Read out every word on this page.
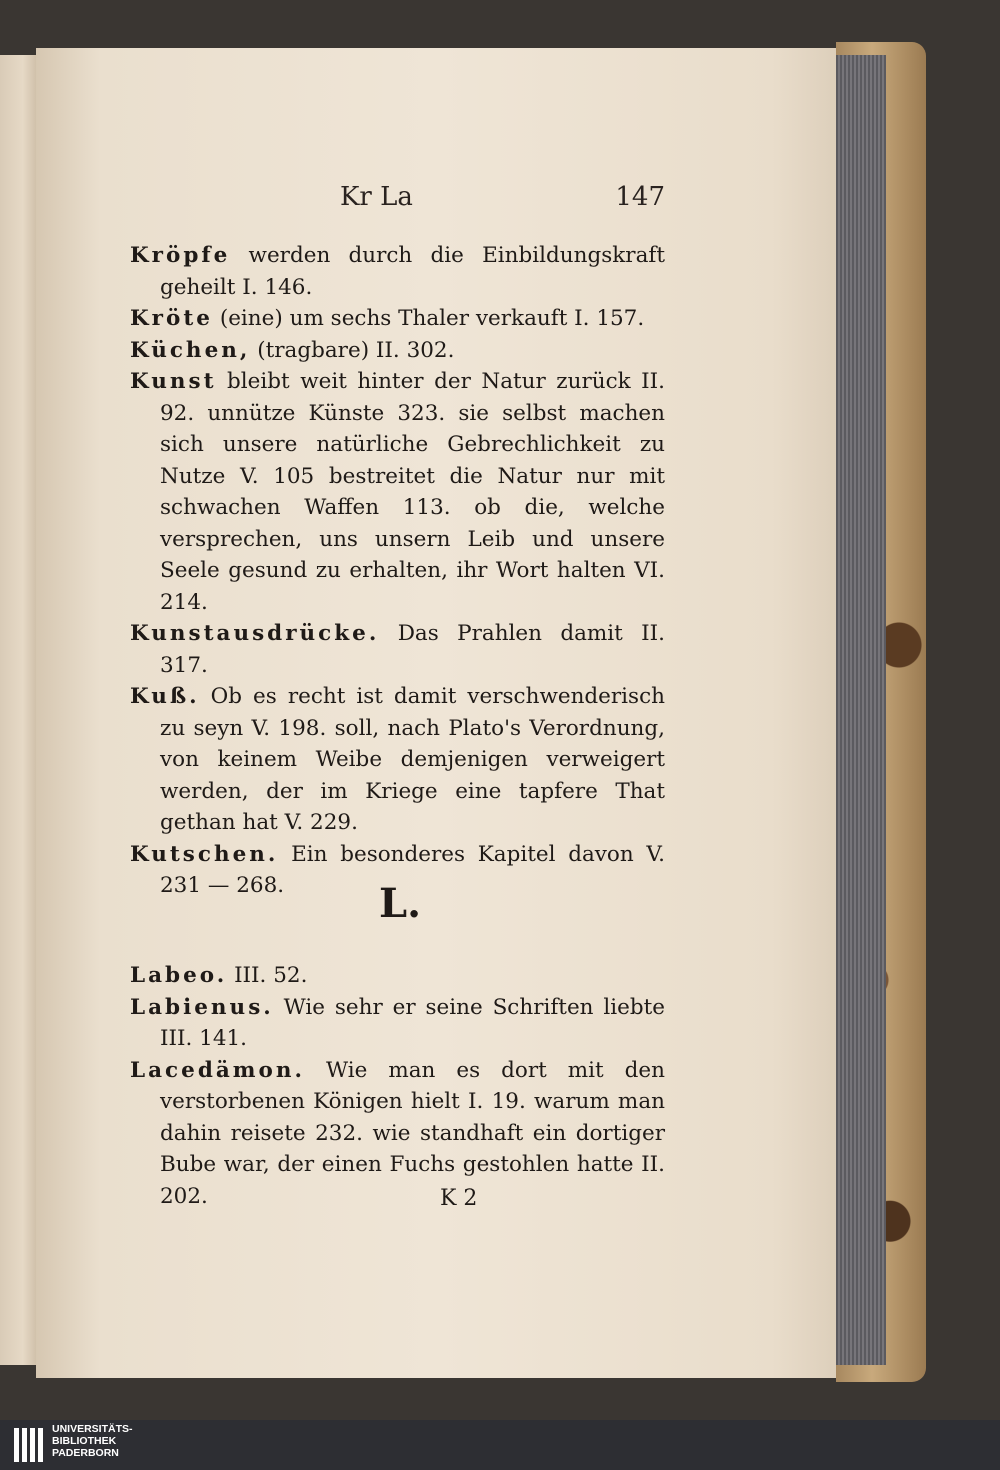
Kr La	147

Kröpfe werden durch die Einbildungskraft geheilt I. 146.

Kröte (eine) um sechs Thaler verkauft I. 157.

Küchen, (tragbare) II. 302.

Kunst bleibt weit hinter der Natur zurück II. 92. unnütze Künste 323. sie selbst machen sich unsere natürliche Gebrechlichkeit zu Nutze V. 105 bestreitet die Natur nur mit schwachen Waffen 113. ob die, welche versprechen, uns unsern Leib und unsere Seele gesund zu erhalten, ihr Wort halten VI. 214.

Kunstausdrücke. Das Prahlen damit II. 317.

Kuß. Ob es recht ist damit verschwenderisch zu seyn V. 198. soll, nach Plato's Verordnung, von keinem Weibe demjenigen verweigert werden, der im Kriege eine tapfere That gethan hat V. 229.

Kutschen. Ein besonderes Kapitel davon V. 231 — 268.	L.

Labeo. III. 52.

Labienus. Wie sehr er seine Schriften liebte III. 141.

Lacedämon. Wie man es dort mit den verstorbenen Königen hielt I. 19. warum man dahin reisete 232. wie standhaft ein dortiger Bube war, der einen Fuchs gestohlen hatte II. 202.	K 2
UNIVERSITÄTS-
BIBLIOTHEK
PADERBORN
